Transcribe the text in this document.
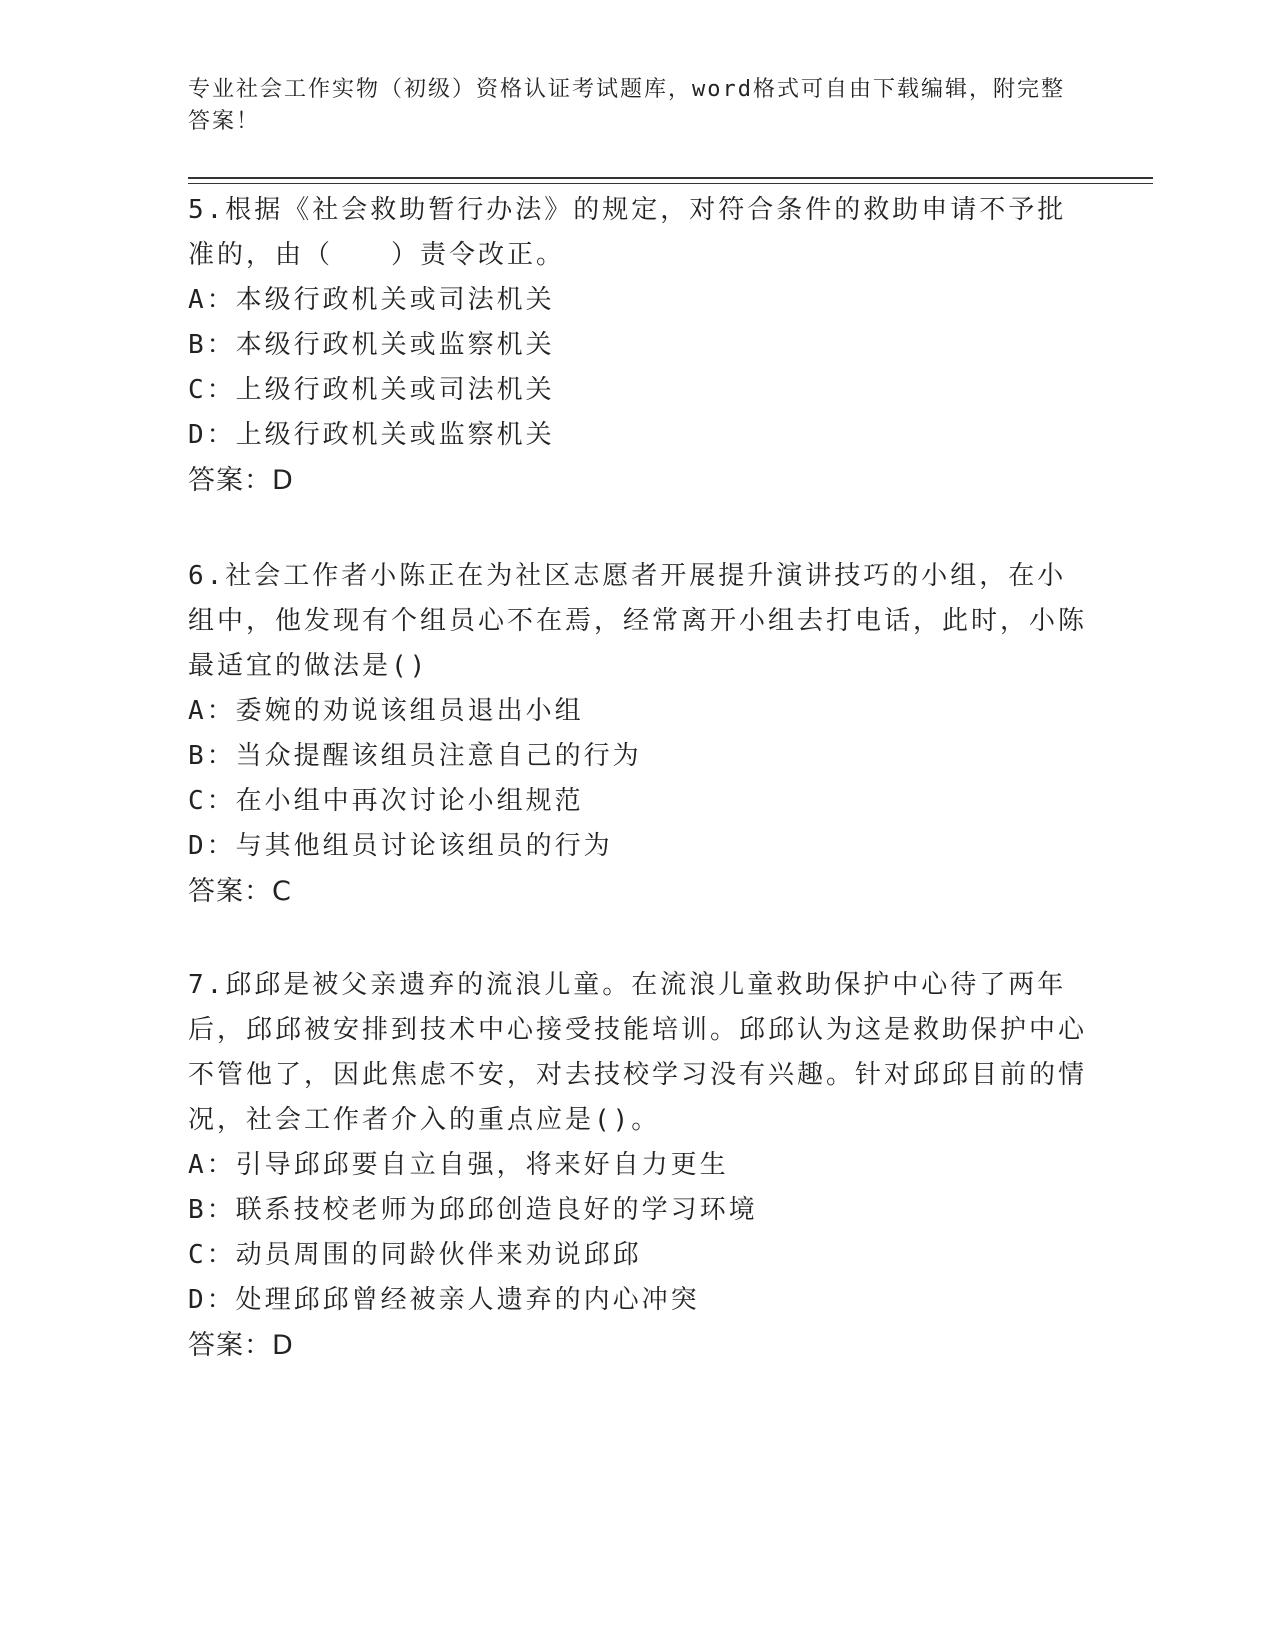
专业社会工作实物（初级）资格认证考试题库，word格式可自由下载编辑，附完整答案！

5.根据《社会救助暂行办法》的规定，对符合条件的救助申请不予批准的，由（　　）责令改正。

A：本级行政机关或司法机关

B：本级行政机关或监察机关

C：上级行政机关或司法机关

D：上级行政机关或监察机关

答案：D

6.社会工作者小陈正在为社区志愿者开展提升演讲技巧的小组，在小组中，他发现有个组员心不在焉，经常离开小组去打电话，此时，小陈最适宜的做法是()

A：委婉的劝说该组员退出小组

B：当众提醒该组员注意自己的行为

C：在小组中再次讨论小组规范

D：与其他组员讨论该组员的行为

答案：C

7.邱邱是被父亲遗弃的流浪儿童。在流浪儿童救助保护中心待了两年后，邱邱被安排到技术中心接受技能培训。邱邱认为这是救助保护中心不管他了，因此焦虑不安，对去技校学习没有兴趣。针对邱邱目前的情况，社会工作者介入的重点应是()。

A：引导邱邱要自立自强，将来好自力更生

B：联系技校老师为邱邱创造良好的学习环境

C：动员周围的同龄伙伴来劝说邱邱

D：处理邱邱曾经被亲人遗弃的内心冲突

答案：D
